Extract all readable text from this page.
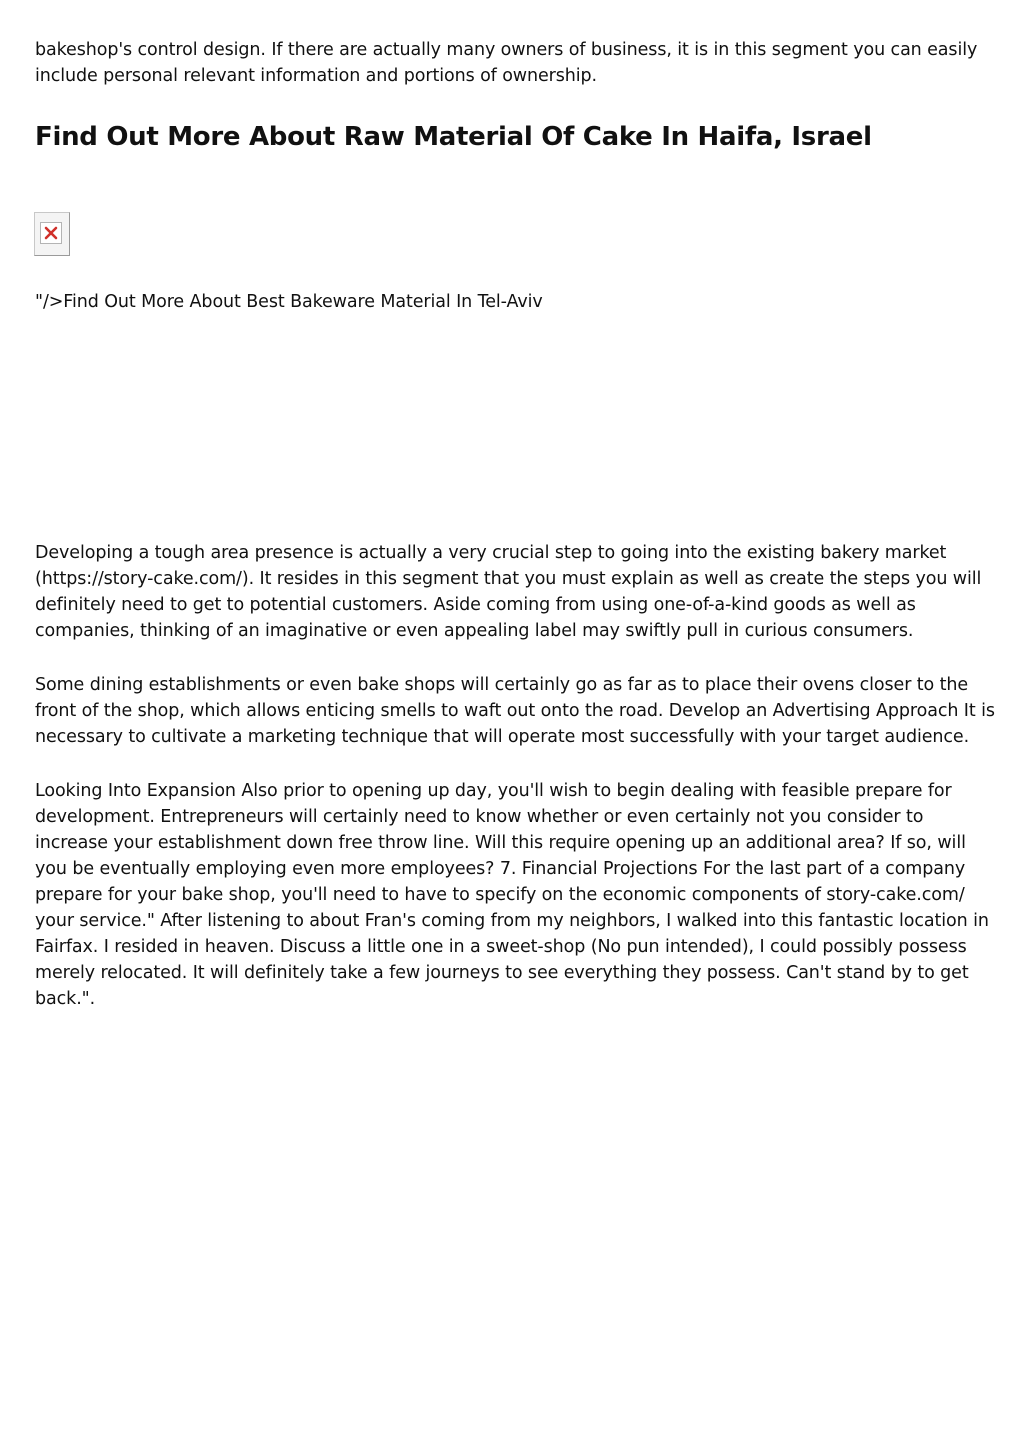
bakeshop's control design. If there are actually many owners of business, it is in this segment you can easily include personal relevant information and portions of ownership.

Find Out More About Raw Material Of Cake In Haifa, Israel

"/>Find Out More About Best Bakeware Material In Tel-Aviv

Developing a tough area presence is actually a very crucial step to going into the existing bakery market (https://story-cake.com/). It resides in this segment that you must explain as well as create the steps you will definitely need to get to potential customers. Aside coming from using one-of-a-kind goods as well as companies, thinking of an imaginative or even appealing label may swiftly pull in curious consumers.

Some dining establishments or even bake shops will certainly go as far as to place their ovens closer to the front of the shop, which allows enticing smells to waft out onto the road. Develop an Advertising Approach It is necessary to cultivate a marketing technique that will operate most successfully with your target audience.

Looking Into Expansion Also prior to opening up day, you'll wish to begin dealing with feasible prepare for development. Entrepreneurs will certainly need to know whether or even certainly not you consider to increase your establishment down free throw line. Will this require opening up an additional area? If so, will you be eventually employing even more employees? 7. Financial Projections For the last part of a company prepare for your bake shop, you'll need to have to specify on the economic components of story-cake.com/ your service." After listening to about Fran's coming from my neighbors, I walked into this fantastic location in Fairfax. I resided in heaven. Discuss a little one in a sweet-shop (No pun intended), I could possibly possess merely relocated. It will definitely take a few journeys to see everything they possess. Can't stand by to get back.".
